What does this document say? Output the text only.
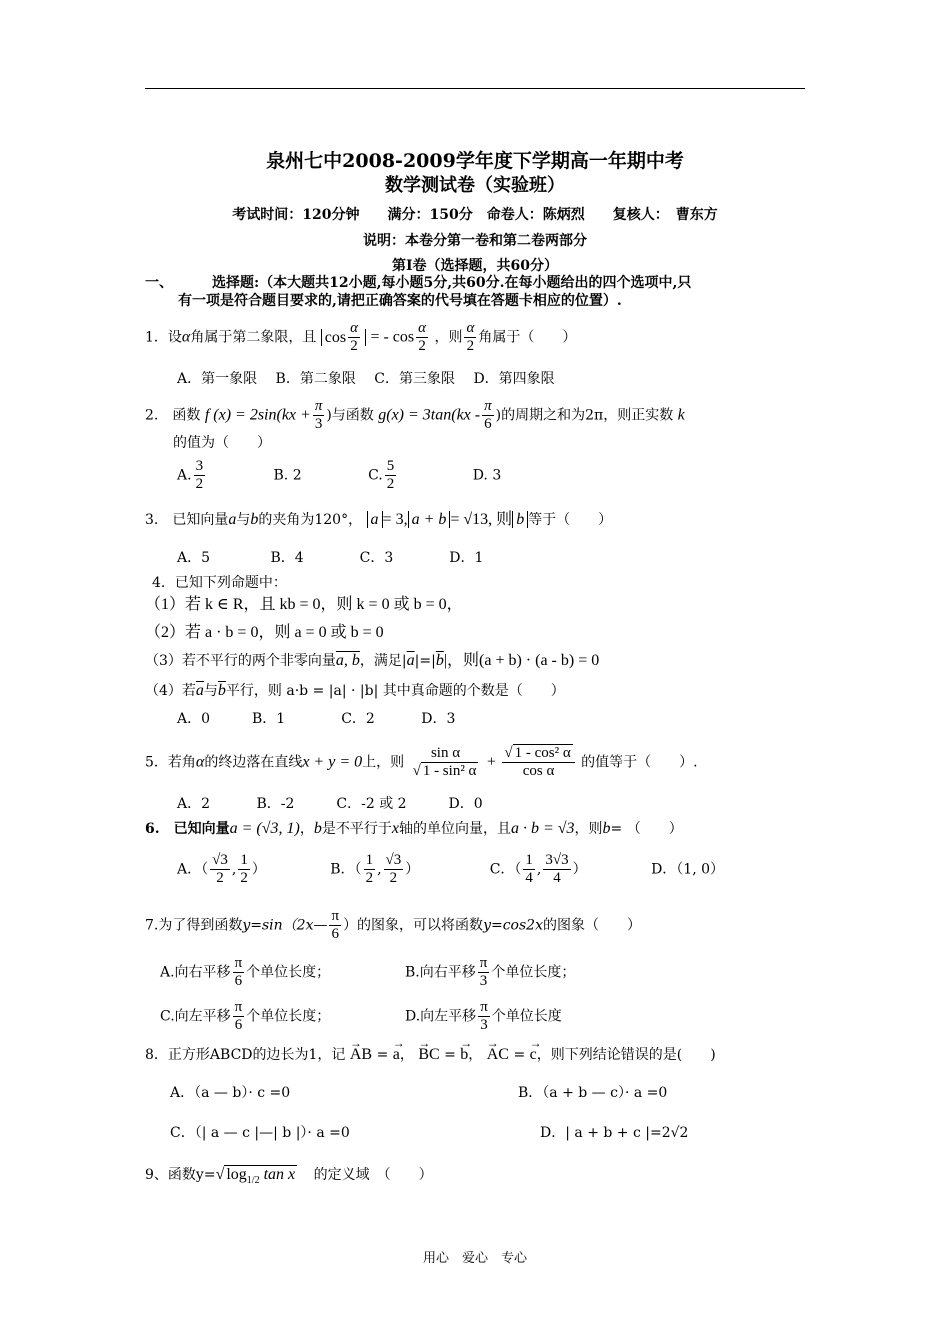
泉州七中2008-2009学年度下学期高一年期中考
数学测试卷（实验班）
考试时间：120分钟　　满分：150分　命卷人：陈炳烈　　复核人：　曹东方
说明：本卷分第一卷和第二卷两部分
第Ⅰ卷（选择题，共60分）
一、	选择题:（本大题共12小题,每小题5分,共60分.在每小题给出的四个选项中,只
有一项是符合题目要求的,请把正确答案的代号填在答题卡相应的位置）.
1．设α角属于第二象限，且 $\cos \frac{\alpha}{2}$ = - $\cos \frac{\alpha}{2}$ ，则 $\frac{\alpha}{2}$ 角属于（　　）
A．第一象限　 B．第二象限　 C．第三象限　 D．第四象限
2.　函数 f $(x) = 2\sin(kx + \frac{\pi}{3}$ )与函数 $g(x) = 3\tan(kx - \frac{\pi}{6}$ )的周期之和为2π，则正实数 k
的值为（　　）
A. $\frac{3}{2}$	B. 2	C. $\frac{5}{2}$	D. 3
3.　已知向量a与b的夹角为120°， a = 3, a + b = √13, 则 b 等于（　　）
A．5　　　　 B．4　　　　C．3　　　　D．1
4．已知下列命题中：
（1）若 k ∈ R，且 kb = 0，则 k = 0 或 b = 0，
（2）若 a · b = 0，则 a = 0 或 b = 0
（3）若不平行的两个非零向量a, b，满足$|\overline{a}|=|\overline{b}|$，则(a + b) · (a - b) = 0
（4）若$\overline{a}$与$\overline{b}$平行，则 a·b = |a| · |b| 其中真命题的个数是（　　）
A．0　　　B．1　　　　C．2　　　 D．3
5．若角α的终边落在直线x + y = 0上，则 $\frac{\text{sin α}}{\text{√ 1 - sin² α}} + \frac{\text{√ 1 - cos² α}}{\text{cos α}}$ 的值等于（　　）.
A．2　　　 B．-2　　　C．-2 或 2　　　D．0
6.　已知向量a = (√3, 1)，b是不平行于x轴的单位向量，且a · b = √3，则b= （　　）
A．（ $\frac{√3}{2}$ , $\frac{1}{2}$ ）	B．（ $\frac{1}{2}$ , $\frac{√3}{2}$ ）	C．（ $\frac{1}{4}$ , $\frac{3√3}{4}$ ）	D．（1, 0）
7.为了得到函数y=sin（2x— $\frac{\pi}{6}$ ）的图象，可以将函数y=cos2x的图象（　　）
A.向右平移 $\frac{\pi}{6}$ 个单位长度；	B.向右平移 $\frac{\pi}{3}$ 个单位长度；
C.向左平移 $\frac{\pi}{6}$ 个单位长度；	D.向左平移 $\frac{\pi}{3}$ 个单位长度
8．正方形ABCD的边长为1，记 → AB = → a， → BC = → b， → AC = → c，则下列结论错误的是(　　)
A．（a — b）· c =0	B．（a + b — c）· a =0
C．（| a — c |—| b |）· a =0	D．| a + b + c |=2√2
9、函数y=√ $\log_{1/2} \tan x$ 的定义域　（　　）
用心　爱心　专心
